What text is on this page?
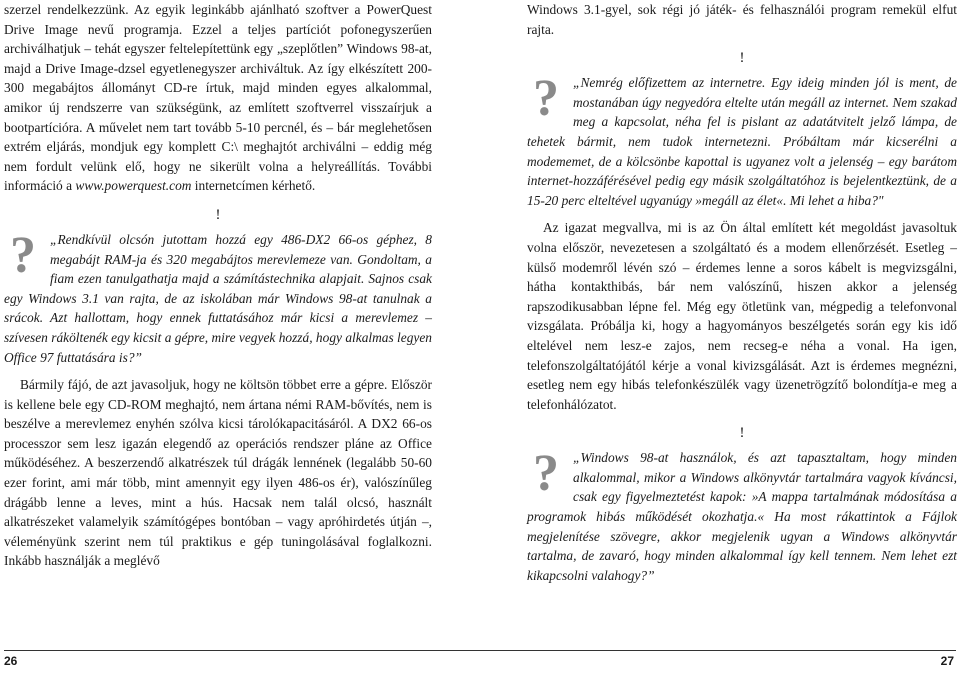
szerzel rendelkezzünk. Az egyik leginkább ajánlható szoftver a PowerQuest Drive Image nevű programja. Ezzel a teljes partíciót pofonegyszerűen archiválhatjuk – tehát egyszer feltelepítettünk egy „szeplőtlen” Windows 98-at, majd a Drive Image-dzsel egyetlenegyszer archiváltuk. Az így elkészített 200-300 megabájtos állományt CD-re írtuk, majd minden egyes alkalommal, amikor új rendszerre van szükségünk, az említett szoftverrel visszaírjuk a bootpartícióra. A művelet nem tart tovább 5-10 percnél, és – bár meglehetősen extrém eljárás, mondjuk egy komplett C:\ meghajtót archiválni – eddig még nem fordult velünk elő, hogy ne sikerült volna a helyreállítás. További információ a www.powerquest.com internetcímen kérhető.

!

?	„Rendkívül olcsón jutottam hozzá egy 486-DX2 66-os géphez, 8 megabájt RAM-ja és 320 megabájtos merevlemeze van. Gondoltam, a fiam ezen tanulgathatja majd a számítástechnika alapjait. Sajnos csak egy Windows 3.1 van rajta, de az iskolában már Windows 98-at tanulnak a srácok. Azt hallottam, hogy ennek futtatásához már kicsi a merevlemez – szívesen ráköltenék egy kicsit a gépre, mire vegyek hozzá, hogy alkalmas legyen Office 97 futtatására is?”

Bármily fájó, de azt javasoljuk, hogy ne költsön többet erre a gépre. Először is kellene bele egy CD-ROM meghajtó, nem ártana némi RAM-bővítés, nem is beszélve a merevlemez enyhén szólva kicsi tárolókapacitásáról. A DX2 66-os processzor sem lesz igazán elegendő az operációs rendszer pláne az Office működéséhez. A beszerzendő alkatrészek túl drágák lennének (legalább 50-60 ezer forint, ami már több, mint amennyit egy ilyen 486-os ér), valószínűleg drágább lenne a leves, mint a hús. Hacsak nem talál olcsó, használt alkatrészeket valamelyik számítógépes bontóban – vagy apróhirdetés útján –, véleményünk szerint nem túl praktikus e gép tuningolásával foglalkozni. Inkább használják a meglévő

Windows 3.1-gyel, sok régi jó játék- és felhasználói program remekül elfut rajta.

!

?	„Nemrég előfizettem az internetre. Egy ideig minden jól is ment, de mostanában úgy negyedóra eltelte után megáll az internet. Nem szakad meg a kapcsolat, néha fel is pislant az adatátvitelt jelző lámpa, de tehetek bármit, nem tudok internetezni. Próbáltam már kicserélni a modememet, de a kölcsönbe kapottal is ugyanez volt a jelenség – egy barátom internet-hozzáférésével pedig egy másik szolgáltatóhoz is bejelentkeztünk, de a 15-20 perc elteltével ugyanúgy »megáll az élet«. Mi lehet a hiba?"

Az igazat megvallva, mi is az Ön által említett két megoldást javasoltuk volna először, nevezetesen a szolgáltató és a modem ellenőrzését. Esetleg – külső modemről lévén szó – érdemes lenne a soros kábelt is megvizsgálni, hátha kontakthibás, bár nem valószínű, hiszen akkor a jelenség rapszodikusabban lépne fel. Még egy ötletünk van, mégpedig a telefonvonal vizsgálata. Próbálja ki, hogy a hagyományos beszélgetés során egy kis idő eltelével nem lesz-e zajos, nem recseg-e néha a vonal. Ha igen, telefonszolgáltatójától kérje a vonal kivizsgálását. Azt is érdemes megnézni, esetleg nem egy hibás telefonkészülék vagy üzenetrögzítő bolondítja-e meg a telefonhálózatot.

!

?	„Windows 98-at használok, és azt tapasztaltam, hogy minden alkalommal, mikor a Windows alkönyvtár tartalmára vagyok kíváncsi, csak egy figyelmeztetést kapok: »A mappa tartalmának módosítása a programok hibás működését okozhatja.« Ha most rákattintok a Fájlok megjelenítése szövegre, akkor megjelenik ugyan a Windows alkönyvtár tartalma, de zavaró, hogy minden alkalommal így kell tennem. Nem lehet ezt kikapcsolni valahogy?”

26	27
